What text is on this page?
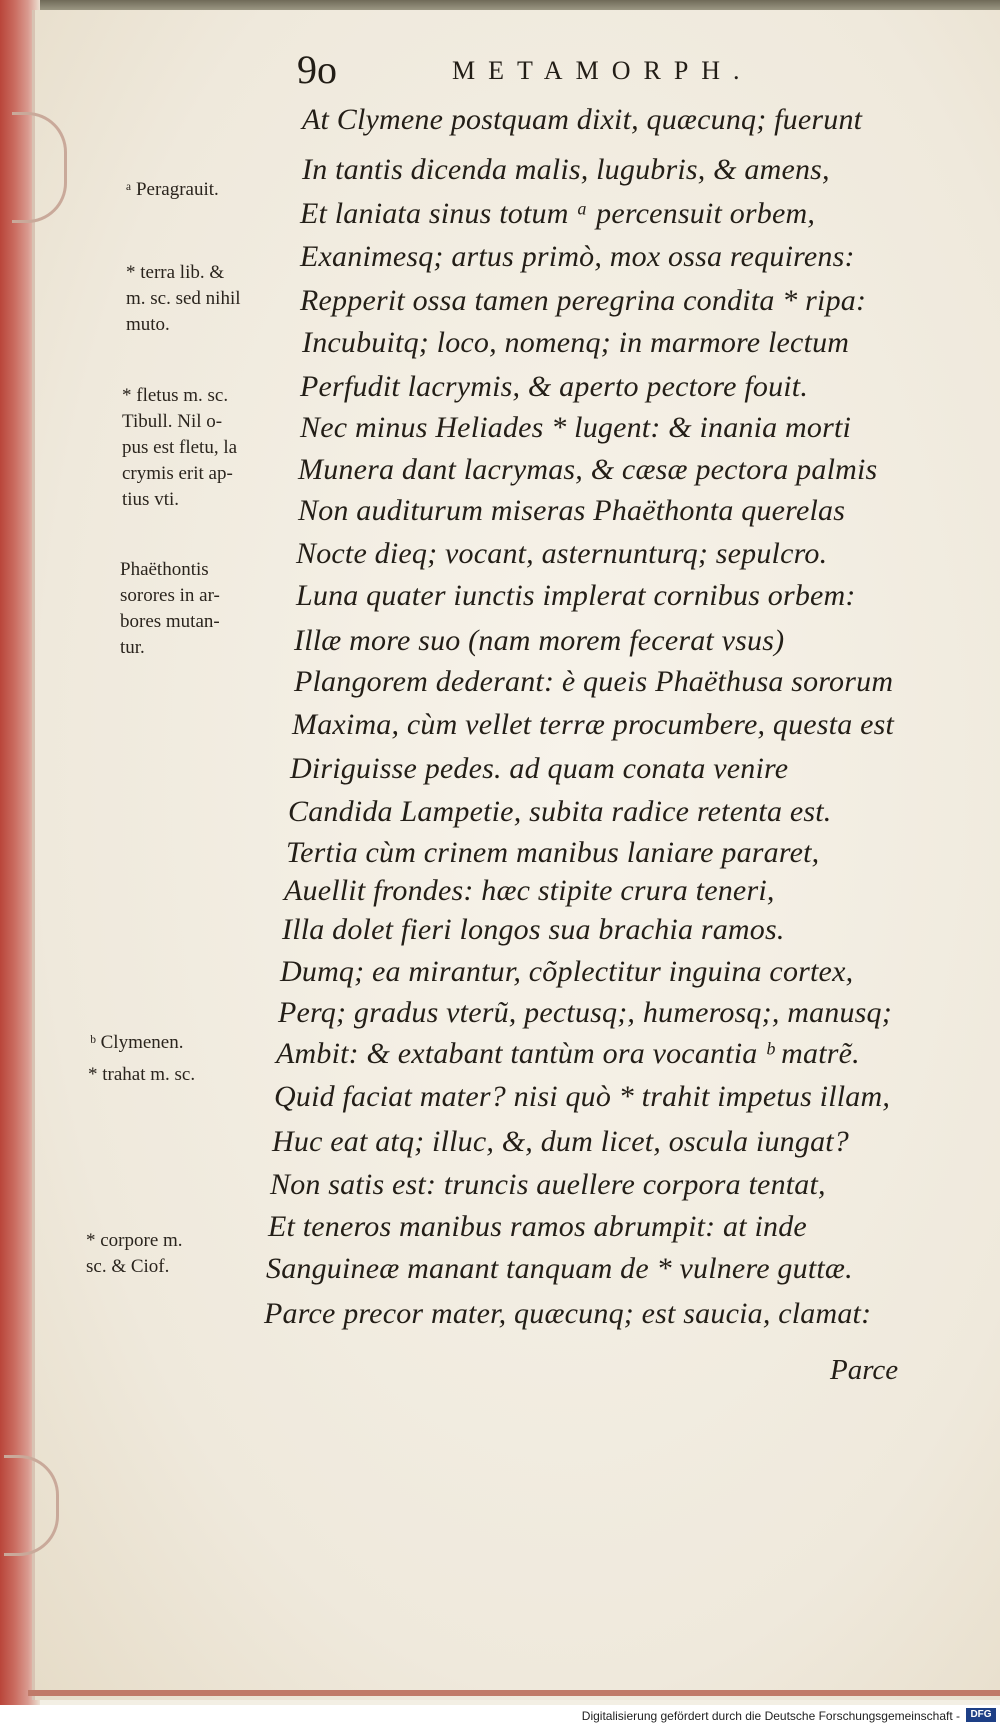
9o	METAMORPH.
At Clymene postquam dixit, quæcunq; fuerunt
In tantis dicenda malis, lugubris, & amens,
Et laniata sinus totum ᵃ percensuit orbem,
Exanimesq; artus primò, mox ossa requirens:
Repperit ossa tamen peregrina condita * ripa:
Incubuitq; loco, nomenq; in marmore lectum
Perfudit lacrymis, & aperto pectore fouit.
Nec minus Heliades * lugent: & inania morti
Munera dant lacrymas, & cæsæ pectora palmis
Non auditurum miseras Phaëthonta querelas
Nocte dieq; vocant, asternunturq; sepulcro.
Luna quater iunctis implerat cornibus orbem:
Illæ more suo (nam morem fecerat vsus)
Plangorem dederant: è queis Phaëthusa sororum
Maxima, cùm vellet terræ procumbere, questa est
Diriguisse pedes. ad quam conata venire
Candida Lampetie, subita radice retenta est.
Tertia cùm crinem manibus laniare pararet,
Auellit frondes: hæc stipite crura teneri,
Illa dolet fieri longos sua brachia ramos.
Dumq; ea mirantur, cõplectitur inguina cortex,
Perq; gradus vterũ, pectusq;, humerosq;, manusq;
Ambit: & extabant tantùm ora vocantia ᵇ matrẽ.
Quid faciat mater? nisi quò * trahit impetus illam,
Huc eat atq; illuc, &, dum licet, oscula iungat?
Non satis est: truncis auellere corpora tentat,
Et teneros manibus ramos abrumpit: at inde
Sanguineæ manant tanquam de * vulnere guttæ.
Parce precor mater, quæcunq; est saucia, clamat:
Parce
ᵃ Peragrauit.
* terra lib. &
m. sc. sed nihil
muto.
* fletus m. sc.
Tibull. Nil o-
pus est fletu, la
crymis erit ap-
tius vti.
Phaëthontis
sorores in ar-
bores mutan-
tur.
ᵇ Clymenen.
* trahat m. sc.
* corpore m.
sc. & Ciof.
Digitalisierung gefördert durch die Deutsche Forschungsgemeinschaft -	DFG
